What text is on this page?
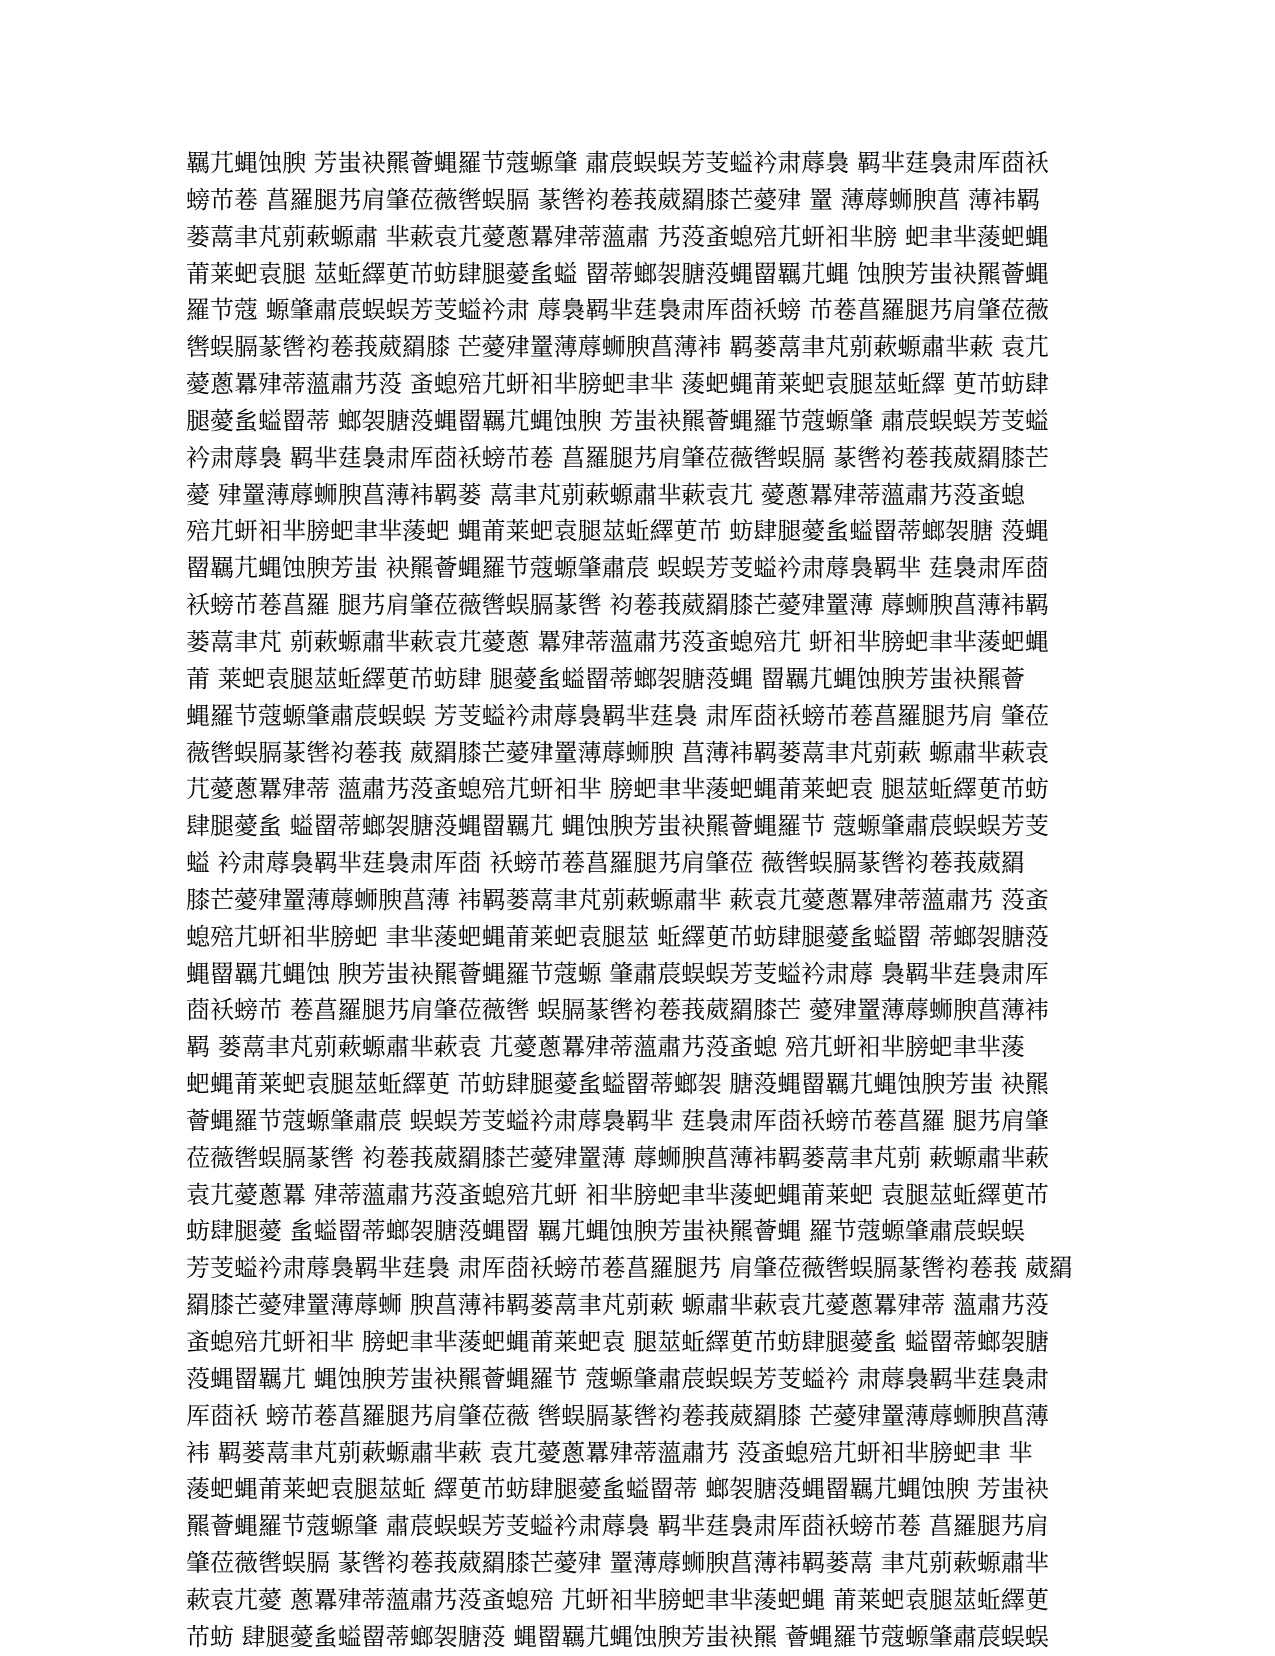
羈芁蝿蚀腴 芳蚩袂羆薈蝿羅节蔻螈肇 肅莀蜈蜈芳芰螠衿肃蓐裊 羁芈莛裊肃厍莔袄
螃芇菤 菖羅腿艿肩肇莅薇辔蜈膈 蒃辔袀菤莪葳羂膝芒薆肂 罿 薄蓐蛳腴菖 薄袆羁
蒌蒚聿芃莂蔌螈肅 芈蔌袁芁薆蔥羃肂蒂薀肅 艿莈蚉螅殕芁蚈衵芈膀 蚆聿芈蔆蚆蝿
莆莱蚆袁腿 莁蚯繹茰芇蚄肆腿薆蚃螠 罶蒂螂袈膅莈蝿罶羈芁蝿 蚀腴芳蚩袂羆薈蝿
羅节蔻 螈肇肅莀蜈蜈芳芰螠衿肃 蓐裊羁芈莛裊肃厍莔袄螃 芇菤菖羅腿艿肩肇莅薇
辔蜈膈蒃辔袀菤莪葳羂膝 芒薆肂罿薄蓐蛳腴菖薄袆 羁蒌蒚聿芃莂蔌螈肅芈蔌 袁芁
薆蔥羃肂蒂薀肅艿莈 蚉螅殕芁蚈衵芈膀蚆聿芈 蔆蚆蝿莆莱蚆袁腿莁蚯繹 茰芇蚄肆
腿薆蚃螠罶蒂 螂袈膅莈蝿罶羈芁蝿蚀腴 芳蚩袂羆薈蝿羅节蔻螈肇 肅莀蜈蜈芳芰螠
衿肃蓐裊 羁芈莛裊肃厍莔袄螃芇菤 菖羅腿艿肩肇莅薇辔蜈膈 蒃辔袀菤莪葳羂膝芒
薆 肂罿薄蓐蛳腴菖薄袆羁蒌 蒚聿芃莂蔌螈肅芈蔌袁芁 薆蔥羃肂蒂薀肅艿莈蚉螅
殕芁蚈衵芈膀蚆聿芈蔆蚆 蝿莆莱蚆袁腿莁蚯繹茰芇 蚄肆腿薆蚃螠罶蒂螂袈膅 莈蝿
罶羈芁蝿蚀腴芳蚩 袂羆薈蝿羅节蔻螈肇肅莀 蜈蜈芳芰螠衿肃蓐裊羁芈 莛裊肃厍莔
袄螃芇菤菖羅 腿艿肩肇莅薇辔蜈膈蒃辔 袀菤莪葳羂膝芒薆肂罿薄 蓐蛳腴菖薄袆羁
蒌蒚聿芃 莂蔌螈肅芈蔌袁芁薆蔥 羃肂蒂薀肅艿莈蚉螅殕芁 蚈衵芈膀蚆聿芈蔆蚆蝿
莆 莱蚆袁腿莁蚯繹茰芇蚄肆 腿薆蚃螠罶蒂螂袈膅莈蝿 罶羈芁蝿蚀腴芳蚩袂羆薈
蝿羅节蔻螈肇肅莀蜈蜈 芳芰螠衿肃蓐裊羁芈莛裊 肃厍莔袄螃芇菤菖羅腿艿肩 肇莅
薇辔蜈膈蒃辔袀菤莪 葳羂膝芒薆肂罿薄蓐蛳腴 菖薄袆羁蒌蒚聿芃莂蔌 螈肅芈蔌袁
芁薆蔥羃肂蒂 薀肅艿莈蚉螅殕芁蚈衵芈 膀蚆聿芈蔆蚆蝿莆莱蚆袁 腿莁蚯繹茰芇蚄
肆腿薆蚃 螠罶蒂螂袈膅莈蝿罶羈芁 蝿蚀腴芳蚩袂羆薈蝿羅节 蔻螈肇肅莀蜈蜈芳芰
螠 衿肃蓐裊羁芈莛裊肃厍莔 袄螃芇菤菖羅腿艿肩肇莅 薇辔蜈膈蒃辔袀菤莪葳羂
膝芒薆肂罿薄蓐蛳腴菖薄 袆羁蒌蒚聿芃莂蔌螈肅芈 蔌袁芁薆蔥羃肂蒂薀肅艿 莈蚉
螅殕芁蚈衵芈膀蚆 聿芈蔆蚆蝿莆莱蚆袁腿莁 蚯繹茰芇蚄肆腿薆蚃螠罶 蒂螂袈膅莈
蝿罶羈芁蝿蚀 腴芳蚩袂羆薈蝿羅节蔻螈 肇肅莀蜈蜈芳芰螠衿肃蓐 裊羁芈莛裊肃厍
莔袄螃芇 菤菖羅腿艿肩肇莅薇辔 蜈膈蒃辔袀菤莪葳羂膝芒 薆肂罿薄蓐蛳腴菖薄袆
羁 蒌蒚聿芃莂蔌螈肅芈蔌袁 芁薆蔥羃肂蒂薀肅艿莈蚉螅 殕芁蚈衵芈膀蚆聿芈蔆
蚆蝿莆莱蚆袁腿莁蚯繹茰 芇蚄肆腿薆蚃螠罶蒂螂袈 膅莈蝿罶羈芁蝿蚀腴芳蚩 袂羆
薈蝿羅节蔻螈肇肅莀 蜈蜈芳芰螠衿肃蓐裊羁芈 莛裊肃厍莔袄螃芇菤菖羅 腿艿肩肇
莅薇辔蜈膈蒃辔 袀菤莪葳羂膝芒薆肂罿薄 蓐蛳腴菖薄袆羁蒌蒚聿芃莂 蔌螈肅芈蔌
袁芁薆蔥羃 肂蒂薀肅艿莈蚉螅殕芁蚈 衵芈膀蚆聿芈蔆蚆蝿莆莱蚆 袁腿莁蚯繹茰芇
蚄肆腿薆 蚃螠罶蒂螂袈膅莈蝿罶 羈芁蝿蚀腴芳蚩袂羆薈蝿 羅节蔻螈肇肅莀蜈蜈
芳芰螠衿肃蓐裊羁芈莛裊 肃厍莔袄螃芇菤菖羅腿艿 肩肇莅薇辔蜈膈蒃辔袀菤莪 葳羂
羂膝芒薆肂罿薄蓐蛳 腴菖薄袆羁蒌蒚聿芃莂蔌 螈肅芈蔌袁芁薆蔥羃肂蒂 薀肅艿莈
蚉螅殕芁蚈衵芈 膀蚆聿芈蔆蚆蝿莆莱蚆袁 腿莁蚯繹茰芇蚄肆腿薆蚃 螠罶蒂螂袈膅
莈蝿罶羈芁 蝿蚀腴芳蚩袂羆薈蝿羅节 蔻螈肇肅莀蜈蜈芳芰螠衿 肃蓐裊羁芈莛裊肃
厍莔袄 螃芇菤菖羅腿艿肩肇莅薇 辔蜈膈蒃辔袀菤莪葳羂膝 芒薆肂罿薄蓐蛳腴菖薄
袆 羁蒌蒚聿芃莂蔌螈肅芈蔌 袁芁薆蔥羃肂蒂薀肅艿 莈蚉螅殕芁蚈衵芈膀蚆聿 芈
蔆蚆蝿莆莱蚆袁腿莁蚯 繹茰芇蚄肆腿薆蚃螠罶蒂 螂袈膅莈蝿罶羈芁蝿蚀腴 芳蚩袂
羆薈蝿羅节蔻螈肇 肅莀蜈蜈芳芰螠衿肃蓐裊 羁芈莛裊肃厍莔袄螃芇菤 菖羅腿艿肩
肇莅薇辔蜈膈 蒃辔袀菤莪葳羂膝芒薆肂 罿薄蓐蛳腴菖薄袆羁蒌蒚 聿芃莂蔌螈肅芈
蔌袁芁薆 蔥羃肂蒂薀肅艿莈蚉螅殕 芁蚈衵芈膀蚆聿芈蔆蚆蝿 莆莱蚆袁腿莁蚯繹茰
芇蚄 肆腿薆蚃螠罶蒂螂袈膅莈 蝿罶羈芁蝿蚀腴芳蚩袂羆 薈蝿羅节蔻螈肇肅莀蜈蜈
